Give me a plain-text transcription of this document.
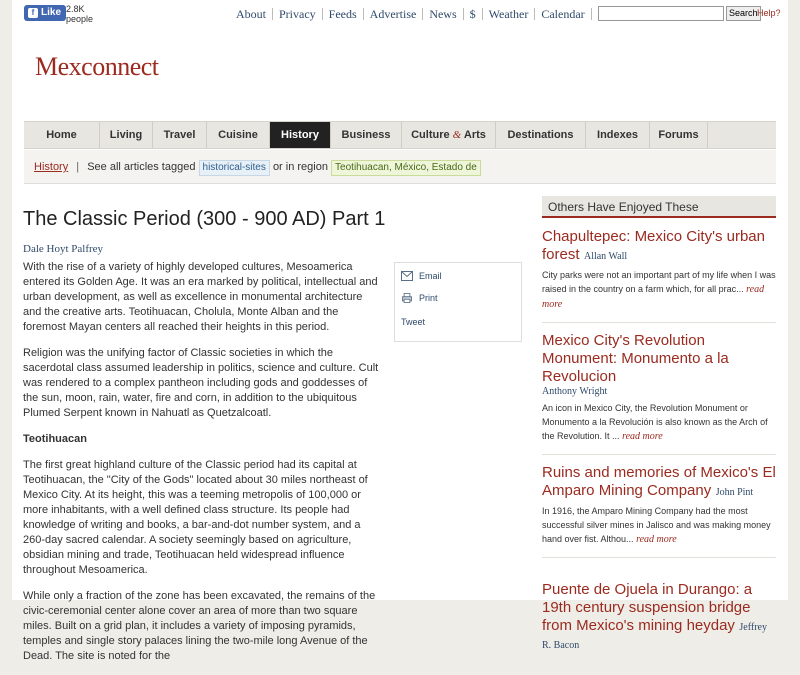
f Like 2.8K
people	About	Privacy	Feeds	Advertise	News	$	Weather	Calendar	Search Help?
Mexconnect
Home	Living	Travel	Cuisine	History	Business	Culture & Arts	Destinations	Indexes	Forums
History | See all articles tagged historical-sites or in region Teotihuacan, México, Estado de
The Classic Period (300 - 900 AD) Part 1
Dale Hoyt Palfrey

With the rise of a variety of highly developed cultures, Mesoamerica entered its Golden Age. It was an era marked by political, intellectual and urban development, as well as excellence in monumental architecture and the creative arts. Teotihuacan, Cholula, Monte Alban and the foremost Mayan centers all reached their heights in this period.

Religion was the unifying factor of Classic societies in which the sacerdotal class assumed leadership in politics, science and culture. Cult was rendered to a complex pantheon including gods and goddesses of the sun, moon, rain, water, fire and corn, in addition to the ubiquitous Plumed Serpent known in Nahuatl as Quetzalcoatl.

Teotihuacan

The first great highland culture of the Classic period had its capital at Teotihuacan, the "City of the Gods" located about 30 miles northeast of Mexico City. At its height, this was a teeming metropolis of 100,000 or more inhabitants, with a well defined class structure. Its people had knowledge of writing and books, a bar-and-dot number system, and a 260-day sacred calendar. A society seemingly based on agriculture, obsidian mining and trade, Teotihuacan held widespread influence throughout Mesoamerica.

While only a fraction of the zone has been excavated, the remains of the civic-ceremonial center alone cover an area of more than two square miles. Built on a grid plan, it includes a variety of imposing pyramids, temples and single story palaces lining the two-mile long Avenue of the Dead. The site is noted for the

Email
Print
Tweet
Others Have Enjoyed These
Chapultepec: Mexico City's urban forest Allan Wall
City parks were not an important part of my life when I was raised in the country on a farm which, for all prac... read more
Mexico City's Revolution Monument: Monumento a la Revolucion
Anthony Wright
An icon in Mexico City, the Revolution Monument or Monumento a la Revolución is also known as the Arch of the Revolution. It ... read more
Ruins and memories of Mexico's El Amparo Mining Company John Pint
In 1916, the Amparo Mining Company had the most successful silver mines in Jalisco and was making money hand over fist. Althou... read more
Puente de Ojuela in Durango: a 19th century suspension bridge from Mexico's mining heyday Jeffrey R. Bacon
